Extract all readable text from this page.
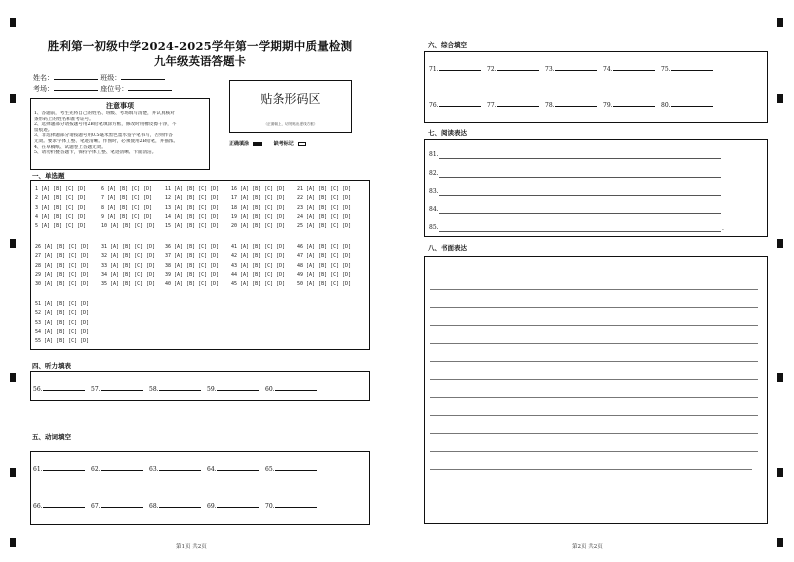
胜利第一初级中学2024-2025学年第一学期期中质量检测
九年级英语答题卡
姓名：	班级：
考场：	座位号：
注意事项
1、答题前，考生先将自己的姓名、班级、考场填写清楚，并认真核对
条形码上的姓名和准考证号。
2、选择题部分请按题号用2B铅笔填涂方框，修改时用橡皮擦干净，不
留痕迹。
3、非选择题部分请按题号用0.5毫米黑色墨水签字笔书写，否则作答
无效。要求字体工整、笔迹清晰。作图时，必须使用2B铅笔，并描浓。
4、在草稿纸、试题卷上答题无效。
5、请勿折叠答题卡，保持字体工整、笔迹清晰、卡面清洁。
贴条形码区
（正面朝上，切勿贴出虚线方框）
正确填涂	缺考标记
一、单选题
1 [A] [B] [C] [D]
2 [A] [B] [C] [D]
3 [A] [B] [C] [D]
4 [A] [B] [C] [D]
5 [A] [B] [C] [D]
6 [A] [B] [C] [D]
7 [A] [B] [C] [D]
8 [A] [B] [C] [D]
9 [A] [B] [C] [D]
10 [A] [B] [C] [D]
11 [A] [B] [C] [D]
12 [A] [B] [C] [D]
13 [A] [B] [C] [D]
14 [A] [B] [C] [D]
15 [A] [B] [C] [D]
16 [A] [B] [C] [D]
17 [A] [B] [C] [D]
18 [A] [B] [C] [D]
19 [A] [B] [C] [D]
20 [A] [B] [C] [D]
21 [A] [B] [C] [D]
22 [A] [B] [C] [D]
23 [A] [B] [C] [D]
24 [A] [B] [C] [D]
25 [A] [B] [C] [D]
26 [A] [B] [C] [D]
27 [A] [B] [C] [D]
28 [A] [B] [C] [D]
29 [A] [B] [C] [D]
30 [A] [B] [C] [D]
31 [A] [B] [C] [D]
32 [A] [B] [C] [D]
33 [A] [B] [C] [D]
34 [A] [B] [C] [D]
35 [A] [B] [C] [D]
36 [A] [B] [C] [D]
37 [A] [B] [C] [D]
38 [A] [B] [C] [D]
39 [A] [B] [C] [D]
40 [A] [B] [C] [D]
41 [A] [B] [C] [D]
42 [A] [B] [C] [D]
43 [A] [B] [C] [D]
44 [A] [B] [C] [D]
45 [A] [B] [C] [D]
46 [A] [B] [C] [D]
47 [A] [B] [C] [D]
48 [A] [B] [C] [D]
49 [A] [B] [C] [D]
50 [A] [B] [C] [D]
51 [A] [B] [C] [D]
52 [A] [B] [C] [D]
53 [A] [B] [C] [D]
54 [A] [B] [C] [D]
55 [A] [B] [C] [D]
四、听力填表
56.	57.	58.	59.	60.
五、动词填空
61.	62.	63.	64.	65.
66.	67.	68.	69.	70.
第1页 共2页
六、综合填空
71.	72.	73.	74.	75.
76.	77.	78.	79.	80.
七、阅读表达
81.
82.
83.
84.
85.	.
八、书面表达
第2页 共2页
